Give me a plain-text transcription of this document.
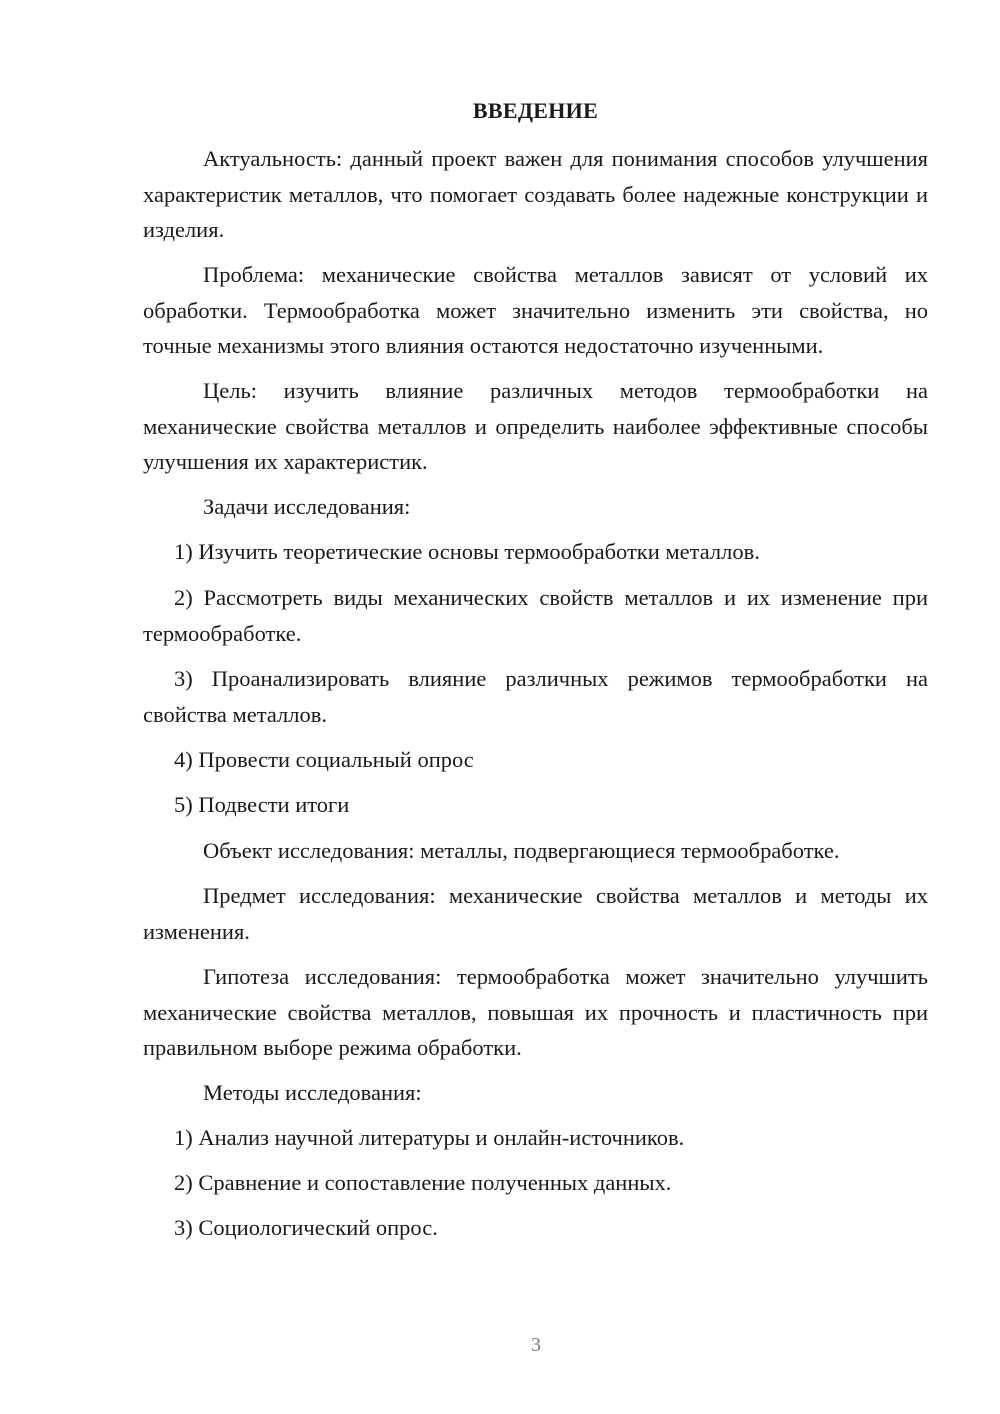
ВВЕДЕНИЕ

Актуальность: данный проект важен для понимания способов улучшения характеристик металлов, что помогает создавать более надежные конструкции и изделия.

Проблема: механические свойства металлов зависят от условий их обработки. Термообработка может значительно изменить эти свойства, но точные механизмы этого влияния остаются недостаточно изученными.

Цель: изучить влияние различных методов термообработки на механические свойства металлов и определить наиболее эффективные способы улучшения их характеристик.

Задачи исследования:

1) Изучить теоретические основы термообработки металлов.

2) Рассмотреть виды механических свойств металлов и их изменение при термообработке.

3) Проанализировать влияние различных режимов термообработки на свойства металлов.

4) Провести социальный опрос

5) Подвести итоги

Объект исследования: металлы, подвергающиеся термообработке.

Предмет исследования: механические свойства металлов и методы их изменения.

Гипотеза исследования: термообработка может значительно улучшить механические свойства металлов, повышая их прочность и пластичность при правильном выборе режима обработки.

Методы исследования:

1) Анализ научной литературы и онлайн-источников.

2) Сравнение и сопоставление полученных данных.

3) Социологический опрос.

3
